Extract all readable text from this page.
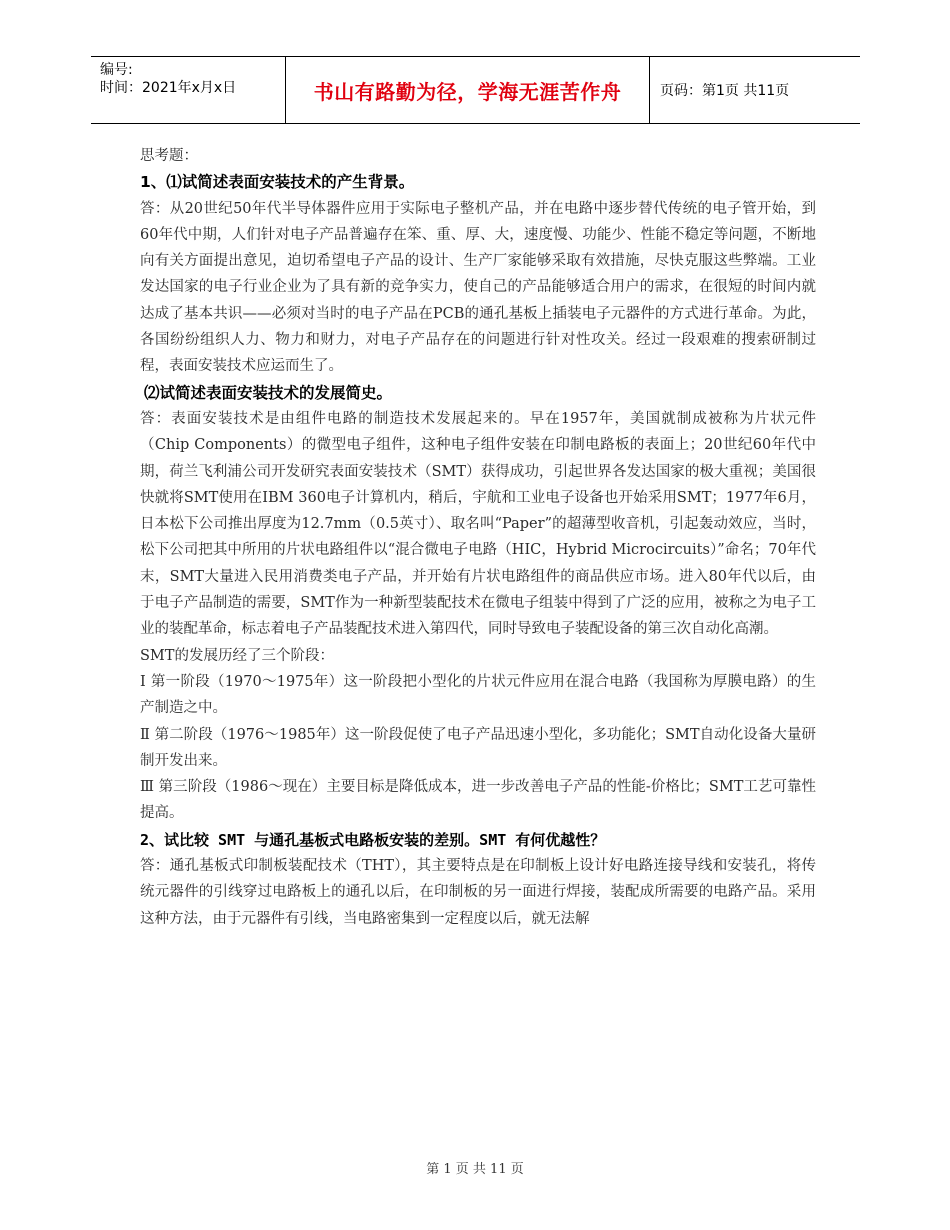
编号:
时间：2021年x月x日	书山有路勤为径，学海无涯苦作舟	页码：第1页 共11页

思考题：

1、⑴试简述表面安装技术的产生背景。

答：从20世纪50年代半导体器件应用于实际电子整机产品，并在电路中逐步替代传统的电子管开始，到60年代中期，人们针对电子产品普遍存在笨、重、厚、大，速度慢、功能少、性能不稳定等问题，不断地向有关方面提出意见，迫切希望电子产品的设计、生产厂家能够采取有效措施，尽快克服这些弊端。工业发达国家的电子行业企业为了具有新的竞争实力，使自己的产品能够适合用户的需求，在很短的时间内就达成了基本共识——必须对当时的电子产品在PCB的通孔基板上插装电子元器件的方式进行革命。为此，各国纷纷组织人力、物力和财力，对电子产品存在的问题进行针对性攻关。经过一段艰难的搜索研制过程，表面安装技术应运而生了。

⑵试简述表面安装技术的发展简史。

答：表面安装技术是由组件电路的制造技术发展起来的。早在1957年，美国就制成被称为片状元件（Chip Components）的微型电子组件，这种电子组件安装在印制电路板的表面上；20世纪60年代中期，荷兰飞利浦公司开发研究表面安装技术（SMT）获得成功，引起世界各发达国家的极大重视；美国很快就将SMT使用在IBM 360电子计算机内，稍后，宇航和工业电子设备也开始采用SMT；1977年6月，日本松下公司推出厚度为12.7mm（0.5英寸）、取名叫“Paper”的超薄型收音机，引起轰动效应，当时，松下公司把其中所用的片状电路组件以“混合微电子电路（HIC，Hybrid Microcircuits）”命名；70年代末，SMT大量进入民用消费类电子产品，并开始有片状电路组件的商品供应市场。进入80年代以后，由于电子产品制造的需要，SMT作为一种新型装配技术在微电子组装中得到了广泛的应用，被称之为电子工业的装配革命，标志着电子产品装配技术进入第四代，同时导致电子装配设备的第三次自动化高潮。

SMT的发展历经了三个阶段：

Ⅰ 第一阶段（1970～1975年）这一阶段把小型化的片状元件应用在混合电路（我国称为厚膜电路）的生产制造之中。

Ⅱ 第二阶段（1976～1985年）这一阶段促使了电子产品迅速小型化，多功能化；SMT自动化设备大量研制开发出来。

Ⅲ 第三阶段（1986～现在）主要目标是降低成本，进一步改善电子产品的性能-价格比；SMT工艺可靠性提高。

2、试比较 SMT 与通孔基板式电路板安装的差别。SMT 有何优越性？

答：通孔基板式印制板装配技术（THT），其主要特点是在印制板上设计好电路连接导线和安装孔，将传统元器件的引线穿过电路板上的通孔以后，在印制板的另一面进行焊接，装配成所需要的电路产品。采用这种方法，由于元器件有引线，当电路密集到一定程度以后，就无法解

第 1 页 共 11 页
